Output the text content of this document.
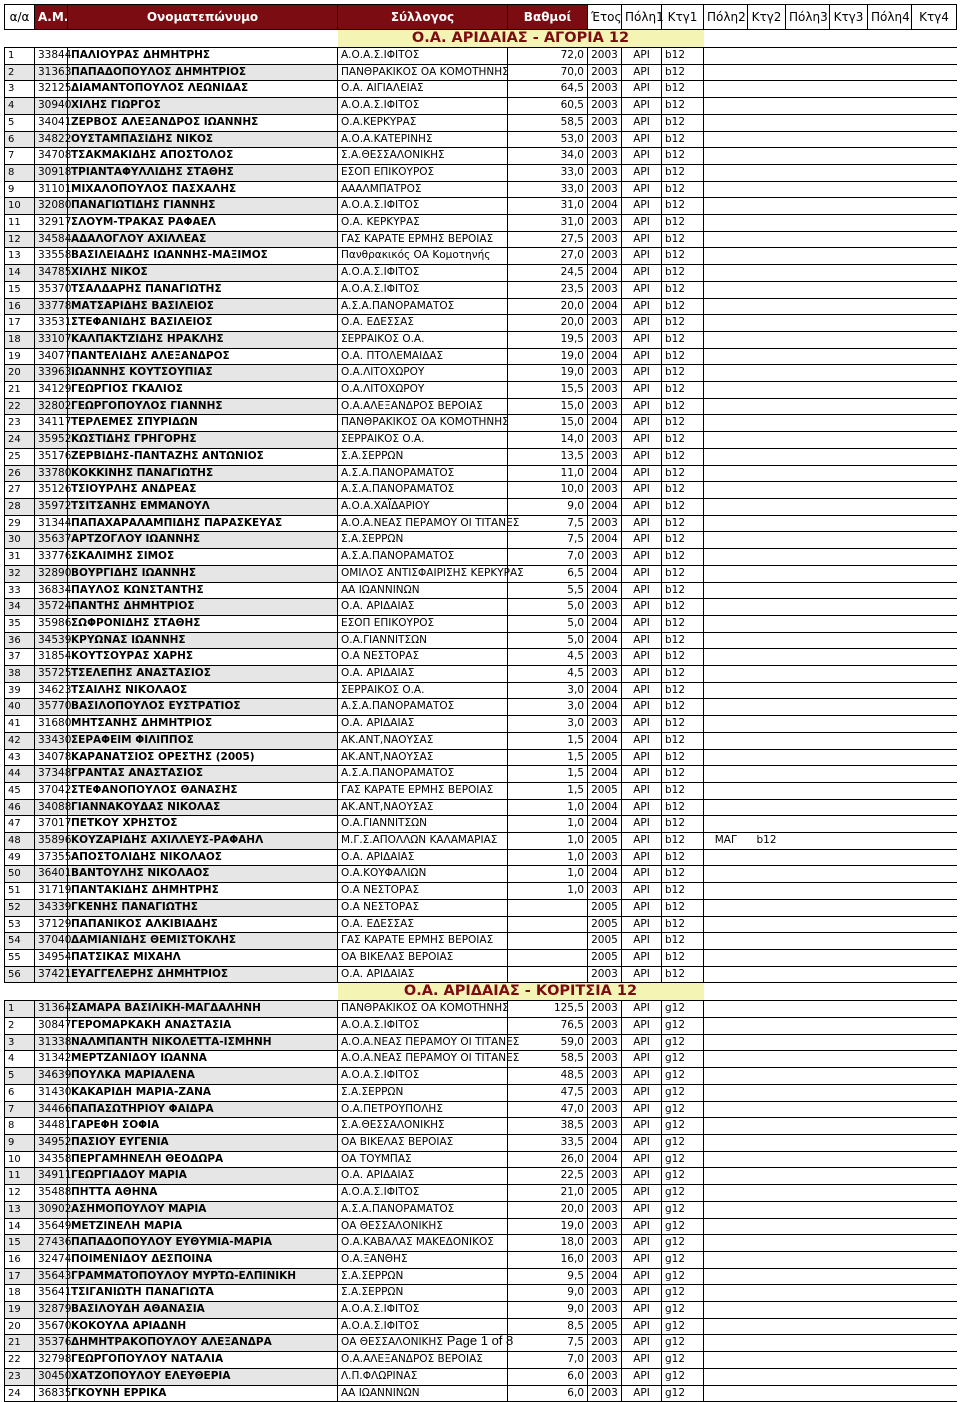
α/α	Α.Μ.	Ονοματεπώνυμο	Σύλλογος	Βαθμοί	Έτος	Πόλη1	Κτγ1	Πόλη2	Κτγ2	Πόλη3	Κτγ3	Πόλη4	Κτγ4
			Ο.Α. ΑΡΙΔΑΙΑΣ - ΑΓΟΡΙΑ 12										
1	33844	ΠΑΛΙΟΥΡΑΣ ΔΗΜΗΤΡΗΣ	Α.Ο.Α.Σ.ΙΦΙΤΟΣ	72,0	2003	ΑΡΙ	b12						
2	31363	ΠΑΠΑΔΟΠΟΥΛΟΣ ΔΗΜΗΤΡΙΟΣ	ΠΑΝΘΡΑΚΙΚΟΣ ΟΑ ΚΟΜΟΤΗΝΗΣ	70,0	2003	ΑΡΙ	b12						
3	32125	ΔΙΑΜΑΝΤΟΠΟΥΛΟΣ ΛΕΩΝΙΔΑΣ	Ο.Α. ΑΙΓΙΑΛΕΙΑΣ	64,5	2003	ΑΡΙ	b12						
4	30940	ΧΙΛΗΣ ΓΙΩΡΓΟΣ	Α.Ο.Α.Σ.ΙΦΙΤΟΣ	60,5	2003	ΑΡΙ	b12						
5	34041	ΖΕΡΒΟΣ ΑΛΕΞΑΝΔΡΟΣ ΙΩΑΝΝΗΣ	Ο.Α.ΚΕΡΚΥΡΑΣ	58,5	2003	ΑΡΙ	b12						
6	34822	ΟΥΣΤΑΜΠΑΣΙΔΗΣ ΝΙΚΟΣ	Α.Ο.Α.ΚΑΤΕΡΙΝΗΣ	53,0	2003	ΑΡΙ	b12						
7	34708	ΤΣΑΚΜΑΚΙΔΗΣ ΑΠΟΣΤΟΛΟΣ	Σ.Α.ΘΕΣΣΑΛΟΝΙΚΗΣ	34,0	2003	ΑΡΙ	b12						
8	30918	ΤΡΙΑΝΤΑΦΥΛΛΙΔΗΣ ΣΤΑΘΗΣ	ΕΣΟΠ ΕΠΙΚΟΥΡΟΣ	33,0	2003	ΑΡΙ	b12						
9	31101	ΜΙΧΑΛΟΠΟΥΛΟΣ ΠΑΣΧΑΛΗΣ	ΑΑΑΛΜΠΑΤΡΟΣ	33,0	2003	ΑΡΙ	b12						
10	32080	ΠΑΝΑΓΙΩΤΙΔΗΣ ΓΙΑΝΝΗΣ	Α.Ο.Α.Σ.ΙΦΙΤΟΣ	31,0	2004	ΑΡΙ	b12						
11	32917	ΣΛΟΥΜ-ΤΡΑΚΑΣ ΡΑΦΑΕΛ	Ο.Α. ΚΕΡΚΥΡΑΣ	31,0	2003	ΑΡΙ	b12						
12	34584	ΑΔΑΛΟΓΛΟΥ ΑΧΙΛΛΕΑΣ	ΓΑΣ ΚΑΡΑΤΕ ΕΡΜΗΣ ΒΕΡΟΙΑΣ	27,5	2003	ΑΡΙ	b12						
13	33558	ΒΑΣΙΛΕΙΑΔΗΣ ΙΩΑΝΝΗΣ-ΜΑΞΙΜΟΣ	Πανθρακικός ΟΑ Κομοτηνής	27,0	2003	ΑΡΙ	b12						
14	34785	ΧΙΛΗΣ ΝΙΚΟΣ	Α.Ο.Α.Σ.ΙΦΙΤΟΣ	24,5	2004	ΑΡΙ	b12						
15	35370	ΤΣΑΛΔΑΡΗΣ ΠΑΝΑΓΙΩΤΗΣ	Α.Ο.Α.Σ.ΙΦΙΤΟΣ	23,5	2003	ΑΡΙ	b12						
16	33778	ΜΑΤΣΑΡΙΔΗΣ ΒΑΣΙΛΕΙΟΣ	Α.Σ.Α.ΠΑΝΟΡΑΜΑΤΟΣ	20,0	2004	ΑΡΙ	b12						
17	33531	ΣΤΕΦΑΝΙΔΗΣ ΒΑΣΙΛΕΙΟΣ	Ο.Α. ΕΔΕΣΣΑΣ	20,0	2003	ΑΡΙ	b12						
18	33107	ΚΑΛΠΑΚΤΖΙΔΗΣ ΗΡΑΚΛΗΣ	ΣΕΡΡΑΙΚΟΣ Ο.Α.	19,5	2003	ΑΡΙ	b12						
19	34077	ΠΑΝΤΕΛΙΔΗΣ ΑΛΕΞΑΝΔΡΟΣ	Ο.Α. ΠΤΟΛΕΜΑΙΔΑΣ	19,0	2004	ΑΡΙ	b12						
20	33963	ΙΩΑΝΝΗΣ ΚΟΥΤΣΟΥΠΙΑΣ	Ο.Α.ΛΙΤΟΧΩΡΟΥ	19,0	2003	ΑΡΙ	b12						
21	34129	ΓΕΩΡΓΙΟΣ ΓΚΑΛΙΟΣ	Ο.Α.ΛΙΤΟΧΩΡΟΥ	15,5	2003	ΑΡΙ	b12						
22	32802	ΓΕΩΡΓΟΠΟΥΛΟΣ ΓΙΑΝΝΗΣ	Ο.Α.ΑΛΕΞΑΝΔΡΟΣ ΒΕΡΟΙΑΣ	15,0	2003	ΑΡΙ	b12						
23	34117	ΤΕΡΛΕΜΕΣ ΣΠΥΡΙΔΩΝ	ΠΑΝΘΡΑΚΙΚΟΣ ΟΑ ΚΟΜΟΤΗΝΗΣ	15,0	2004	ΑΡΙ	b12						
24	35952	ΚΩΣΤΙΔΗΣ ΓΡΗΓΟΡΗΣ	ΣΕΡΡΑΙΚΟΣ Ο.Α.	14,0	2003	ΑΡΙ	b12						
25	35176	ΖΕΡΒΙΔΗΣ-ΠΑΝΤΑΖΗΣ ΑΝΤΩΝΙΟΣ	Σ.Α.ΣΕΡΡΩΝ	13,5	2003	ΑΡΙ	b12						
26	33780	ΚΟΚΚΙΝΗΣ ΠΑΝΑΓΙΩΤΗΣ	Α.Σ.Α.ΠΑΝΟΡΑΜΑΤΟΣ	11,0	2004	ΑΡΙ	b12						
27	35126	ΤΣΙΟΥΡΛΗΣ ΑΝΔΡΕΑΣ	Α.Σ.Α.ΠΑΝΟΡΑΜΑΤΟΣ	10,0	2003	ΑΡΙ	b12						
28	35972	ΤΣΙΤΣΑΝΗΣ ΕΜΜΑΝΟΥΛ	Α.Ο.Α.ΧΑΪΔΑΡΙΟΥ	9,0	2004	ΑΡΙ	b12						
29	31344	ΠΑΠΑΧΑΡΑΛΑΜΠΙΔΗΣ ΠΑΡΑΣΚΕΥΑΣ	Α.Ο.Α.ΝΕΑΣ ΠΕΡΑΜΟΥ ΟΙ ΤΙΤΑΝΕΣ	7,5	2003	ΑΡΙ	b12						
30	35637	ΑΡΤΖΟΓΛΟΥ ΙΩΑΝΝΗΣ	Σ.Α.ΣΕΡΡΩΝ	7,5	2004	ΑΡΙ	b12						
31	33776	ΣΚΑΛΙΜΗΣ ΣΙΜΟΣ	Α.Σ.Α.ΠΑΝΟΡΑΜΑΤΟΣ	7,0	2003	ΑΡΙ	b12						
32	32890	ΒΟΥΡΓΙΔΗΣ ΙΩΑΝΝΗΣ	ΟΜΙΛΟΣ ΑΝΤΙΣΦΑΙΡΙΣΗΣ ΚΕΡΚΥΡΑΣ	6,5	2004	ΑΡΙ	b12						
33	36834	ΠΑΥΛΟΣ ΚΩΝΣΤΑΝΤΗΣ	ΑΑ ΙΩΑΝΝΙΝΩΝ	5,5	2004	ΑΡΙ	b12						
34	35724	ΠΑΝΤΗΣ ΔΗΜΗΤΡΙΟΣ	Ο.Α. ΑΡΙΔΑΙΑΣ	5,0	2003	ΑΡΙ	b12						
35	35986	ΣΩΦΡΟΝΙΔΗΣ ΣΤΑΘΗΣ	ΕΣΟΠ ΕΠΙΚΟΥΡΟΣ	5,0	2004	ΑΡΙ	b12						
36	34539	ΚΡΥΩΝΑΣ ΙΩΑΝΝΗΣ	Ο.Α.ΓΙΑΝΝΙΤΣΩΝ	5,0	2004	ΑΡΙ	b12						
37	31854	ΚΟΥΤΣΟΥΡΑΣ ΧΑΡΗΣ	Ο.Α ΝΕΣΤΟΡΑΣ	4,5	2003	ΑΡΙ	b12						
38	35725	ΤΣΕΛΕΠΗΣ ΑΝΑΣΤΑΣΙΟΣ	Ο.Α. ΑΡΙΔΑΙΑΣ	4,5	2003	ΑΡΙ	b12						
39	34623	ΤΣΑΙΛΗΣ ΝΙΚΟΛΑΟΣ	ΣΕΡΡΑΙΚΟΣ Ο.Α.	3,0	2004	ΑΡΙ	b12						
40	35770	ΒΑΣΙΛΟΠΟΥΛΟΣ ΕΥΣΤΡΑΤΙΟΣ	Α.Σ.Α.ΠΑΝΟΡΑΜΑΤΟΣ	3,0	2004	ΑΡΙ	b12						
41	31680	ΜΗΤΣΑΝΗΣ ΔΗΜΗΤΡΙΟΣ	Ο.Α. ΑΡΙΔΑΙΑΣ	3,0	2003	ΑΡΙ	b12						
42	33430	ΣΕΡΑΦΕΙΜ ΦΙΛΙΠΠΟΣ	ΑΚ.ΑΝΤ,ΝΑΟΥΣΑΣ	1,5	2004	ΑΡΙ	b12						
43	34078	ΚΑΡΑΝΑΤΣΙΟΣ ΟΡΕΣΤΗΣ (2005)	ΑΚ.ΑΝΤ,ΝΑΟΥΣΑΣ	1,5	2005	ΑΡΙ	b12						
44	37348	ΓΡΑΝΤΑΣ ΑΝΑΣΤΑΣΙΟΣ	Α.Σ.Α.ΠΑΝΟΡΑΜΑΤΟΣ	1,5	2004	ΑΡΙ	b12						
45	37042	ΣΤΕΦΑΝΟΠΟΥΛΟΣ ΘΑΝΑΣΗΣ	ΓΑΣ ΚΑΡΑΤΕ ΕΡΜΗΣ ΒΕΡΟΙΑΣ	1,5	2005	ΑΡΙ	b12						
46	34088	ΓΙΑΝΝΑΚΟΥΔΑΣ ΝΙΚΟΛΑΣ	ΑΚ.ΑΝΤ,ΝΑΟΥΣΑΣ	1,0	2004	ΑΡΙ	b12						
47	37017	ΠΕΤΚΟΥ ΧΡΗΣΤΟΣ	Ο.Α.ΓΙΑΝΝΙΤΣΩΝ	1,0	2004	ΑΡΙ	b12						
48	35896	ΚΟΥΖΑΡΙΔΗΣ ΑΧΙΛΛΕΥΣ-ΡΑΦΑΗΛ	Μ.Γ.Σ.ΑΠΟΛΛΩΝ ΚΑΛΑΜΑΡΙΑΣ	1,0	2005	ΑΡΙ	b12	ΜΑΓ	b12				
49	37355	ΑΠΟΣΤΟΛΙΔΗΣ ΝΙΚΟΛΑΟΣ	Ο.Α. ΑΡΙΔΑΙΑΣ	1,0	2003	ΑΡΙ	b12						
50	36401	ΒΑΝΤΟΥΛΗΣ ΝΙΚΟΛΑΟΣ	Ο.Α.ΚΟΥΦΑΛΙΩΝ	1,0	2004	ΑΡΙ	b12						
51	31719	ΠΑΝΤΑΚΙΔΗΣ ΔΗΜΗΤΡΗΣ	Ο.Α ΝΕΣΤΟΡΑΣ	1,0	2003	ΑΡΙ	b12						
52	34339	ΓΚΕΝΗΣ ΠΑΝΑΓΙΩΤΗΣ	Ο.Α ΝΕΣΤΟΡΑΣ		2005	ΑΡΙ	b12						
53	37129	ΠΑΠΑΝΙΚΟΣ ΑΛΚΙΒΙΑΔΗΣ	Ο.Α. ΕΔΕΣΣΑΣ		2005	ΑΡΙ	b12						
54	37040	ΔΑΜΙΑΝΙΔΗΣ ΘΕΜΙΣΤΟΚΛΗΣ	ΓΑΣ ΚΑΡΑΤΕ ΕΡΜΗΣ ΒΕΡΟΙΑΣ		2005	ΑΡΙ	b12						
55	34954	ΠΑΤΣΙΚΑΣ ΜΙΧΑΗΛ	ΟΑ ΒΙΚΕΛΑΣ ΒΕΡΟΙΑΣ		2005	ΑΡΙ	b12						
56	37421	ΕΥΑΓΓΕΛΕΡΗΣ ΔΗΜΗΤΡΙΟΣ	Ο.Α. ΑΡΙΔΑΙΑΣ		2003	ΑΡΙ	b12						
			Ο.Α. ΑΡΙΔΑΙΑΣ - ΚΟΡΙΤΣΙΑ 12										
1	31364	ΣΑΜΑΡΑ ΒΑΣΙΛΙΚΗ-ΜΑΓΔΑΛΗΝΗ	ΠΑΝΘΡΑΚΙΚΟΣ ΟΑ ΚΟΜΟΤΗΝΗΣ	125,5	2003	ΑΡΙ	g12						
2	30847	ΓΕΡΟΜΑΡΚΑΚΗ ΑΝΑΣΤΑΣΙΑ	Α.Ο.Α.Σ.ΙΦΙΤΟΣ	76,5	2003	ΑΡΙ	g12						
3	31338	ΝΑΛΜΠΑΝΤΗ ΝΙΚΟΛΕΤΤΑ-ΙΣΜΗΝΗ	Α.Ο.Α.ΝΕΑΣ ΠΕΡΑΜΟΥ ΟΙ ΤΙΤΑΝΕΣ	59,0	2003	ΑΡΙ	g12						
4	31342	ΜΕΡΤΖΑΝΙΔΟΥ ΙΩΑΝΝΑ	Α.Ο.Α.ΝΕΑΣ ΠΕΡΑΜΟΥ ΟΙ ΤΙΤΑΝΕΣ	58,5	2003	ΑΡΙ	g12						
5	34639	ΠΟΥΛΚΑ ΜΑΡΙΑΛΕΝΑ	Α.Ο.Α.Σ.ΙΦΙΤΟΣ	48,5	2003	ΑΡΙ	g12						
6	31430	ΚΑΚΑΡΙΔΗ ΜΑΡΙΑ-ΖΑΝΑ	Σ.Α.ΣΕΡΡΩΝ	47,5	2003	ΑΡΙ	g12						
7	34466	ΠΑΠΑΣΩΤΗΡΙΟΥ ΦΑΙΔΡΑ	Ο.Α.ΠΕΤΡΟΥΠΟΛΗΣ	47,0	2003	ΑΡΙ	g12						
8	34481	ΓΑΡΕΦΗ ΣΟΦΙΑ	Σ.Α.ΘΕΣΣΑΛΟΝΙΚΗΣ	38,5	2003	ΑΡΙ	g12						
9	34952	ΠΑΣΙΟΥ ΕΥΓΕΝΙΑ	ΟΑ ΒΙΚΕΛΑΣ ΒΕΡΟΙΑΣ	33,5	2004	ΑΡΙ	g12						
10	34358	ΠΕΡΓΑΜΗΝΕΛΗ ΘΕΟΔΩΡΑ	ΟΑ ΤΟΥΜΠΑΣ	26,0	2004	ΑΡΙ	g12						
11	34911	ΓΕΩΡΓΙΑΔΟΥ ΜΑΡΙΑ	Ο.Α. ΑΡΙΔΑΙΑΣ	22,5	2003	ΑΡΙ	g12						
12	35488	ΠΗΤΤΑ ΑΘΗΝΑ	Α.Ο.Α.Σ.ΙΦΙΤΟΣ	21,0	2005	ΑΡΙ	g12						
13	30902	ΑΣΗΜΟΠΟΥΛΟΥ ΜΑΡΙΑ	Α.Σ.Α.ΠΑΝΟΡΑΜΑΤΟΣ	20,0	2003	ΑΡΙ	g12						
14	35649	ΜΕΤΖΙΝΕΛΗ ΜΑΡΙΑ	ΟΑ ΘΕΣΣΑΛΟΝΙΚΗΣ	19,0	2003	ΑΡΙ	g12						
15	27436	ΠΑΠΑΔΟΠΟΥΛΟΥ ΕΥΘΥΜΙΑ-ΜΑΡΙΑ	Ο.Α.ΚΑΒΑΛΑΣ ΜΑΚΕΔΟΝΙΚΟΣ	18,0	2003	ΑΡΙ	g12						
16	32474	ΠΟΙΜΕΝΙΔΟΥ ΔΕΣΠΟΙΝΑ	Ο.Α.ΞΑΝΘΗΣ	16,0	2003	ΑΡΙ	g12						
17	35643	ΓΡΑΜΜΑΤΟΠΟΥΛΟΥ ΜΥΡΤΩ-ΕΛΠΙΝΙΚΗ	Σ.Α.ΣΕΡΡΩΝ	9,5	2004	ΑΡΙ	g12						
18	35641	ΤΣΙΓΑΝΙΩΤΗ ΠΑΝΑΓΙΩΤΑ	Σ.Α.ΣΕΡΡΩΝ	9,0	2003	ΑΡΙ	g12						
19	32879	ΒΑΣΙΛΟΥΔΗ ΑΘΑΝΑΣΙΑ	Α.Ο.Α.Σ.ΙΦΙΤΟΣ	9,0	2003	ΑΡΙ	g12						
20	35670	ΚΟΚΟΥΛΑ ΑΡΙΑΔΝΗ	Α.Ο.Α.Σ.ΙΦΙΤΟΣ	8,5	2005	ΑΡΙ	g12						
21	35376	ΔΗΜΗΤΡΑΚΟΠΟΥΛΟΥ ΑΛΕΞΑΝΔΡΑ	ΟΑ ΘΕΣΣΑΛΟΝΙΚΗΣ	7,5	2003	ΑΡΙ	g12						
22	32798	ΓΕΩΡΓΟΠΟΥΛΟΥ ΝΑΤΑΛΙΑ	Ο.Α.ΑΛΕΞΑΝΔΡΟΣ ΒΕΡΟΙΑΣ	7,0	2003	ΑΡΙ	g12						
23	30450	ΧΑΤΖΟΠΟΥΛΟΥ ΕΛΕΥΘΕΡΙΑ	Λ.Π.ΦΛΩΡΙΝΑΣ	6,0	2003	ΑΡΙ	g12						
24	36835	ΓΚΟΥΝΗ ΕΡΡΙΚΑ	ΑΑ ΙΩΑΝΝΙΝΩΝ	6,0	2003	ΑΡΙ	g12						
Page 1 of 8
